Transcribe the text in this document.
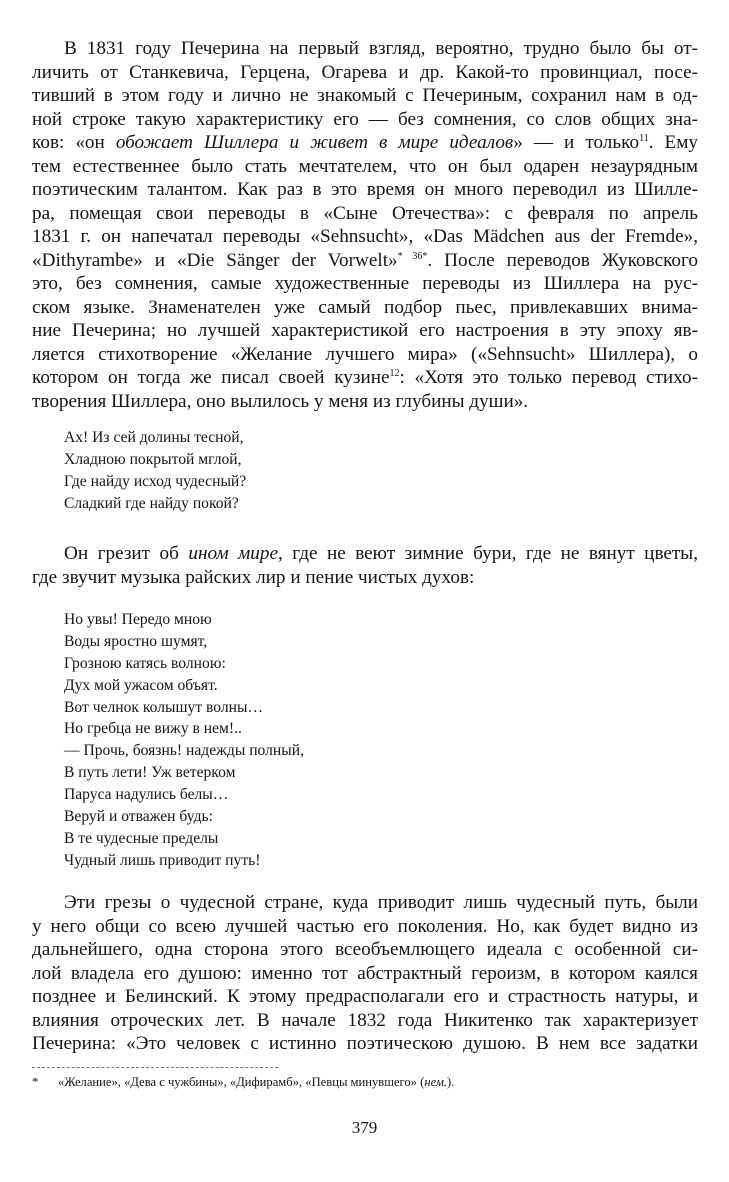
В 1831 году Печерина на первый взгляд, вероятно, трудно было бы от-
личить от Станкевича, Герцена, Огарева и др. Какой-то провинциал, посе-
тивший в этом году и лично не знакомый с Печериным, сохранил нам в од-
ной строке такую характеристику его — без сомнения, со слов общих зна-
ков: «он обожает Шиллера и живет в мире идеалов» — и только$^{11}$. Ему
тем естественнее было стать мечтателем, что он был одарен незаурядным
поэтическим талантом. Как раз в это время он много переводил из Шилле-
ра, помещая свои переводы в «Сыне Отечества»: с февраля по апрель
1831 г. он напечатал переводы «Sehnsucht», «Das Mädchen aus der Fremde»,
«Dithyrambe» и «Die Sänger der Vorwelt»$^{* 36*}$. После переводов Жуковского
это, без сомнения, самые художественные переводы из Шиллера на рус-
ском языке. Знаменателен уже самый подбор пьес, привлекавших внима-
ние Печерина; но лучшей характеристикой его настроения в эту эпоху яв-
ляется стихотворение «Желание лучшего мира» («Sehnsucht» Шиллера), о
котором он тогда же писал своей кузине$^{12}$: «Хотя это только перевод стихо-
творения Шиллера, оно вылилось у меня из глубины души».
Ах! Из сей долины тесной,
Хладною покрытой мглой,
Где найду исход чудесный?
Сладкий где найду покой?
Он грезит об ином мире, где не веют зимние бури, где не вянут цветы,
где звучит музыка райских лир и пение чистых духов:
Но увы! Передо мною
Воды яростно шумят,
Грозною катясь волною:
Дух мой ужасом объят.
Вот челнок колышут волны…
Но гребца не вижу в нем!..
— Прочь, боязнь! надежды полный,
В путь лети! Уж ветерком
Паруса надулись белы…
Веруй и отважен будь:
В те чудесные пределы
Чудный лишь приводит путь!
Эти грезы о чудесной стране, куда приводит лишь чудесный путь, были
у него общи со всею лучшей частью его поколения. Но, как будет видно из
дальнейшего, одна сторона этого всеобъемлющего идеала с особенной си-
лой владела его душою: именно тот абстрактный героизм, в котором каялся
позднее и Белинский. К этому предрасполагали его и страстность натуры, и
влияния отроческих лет. В начале 1832 года Никитенко так характеризует
Печерина: «Это человек с истинно поэтическою душою. В нем все задатки
* «Желание», «Дева с чужбины», «Дифирамб», «Певцы минувшего» (нем.).
379
